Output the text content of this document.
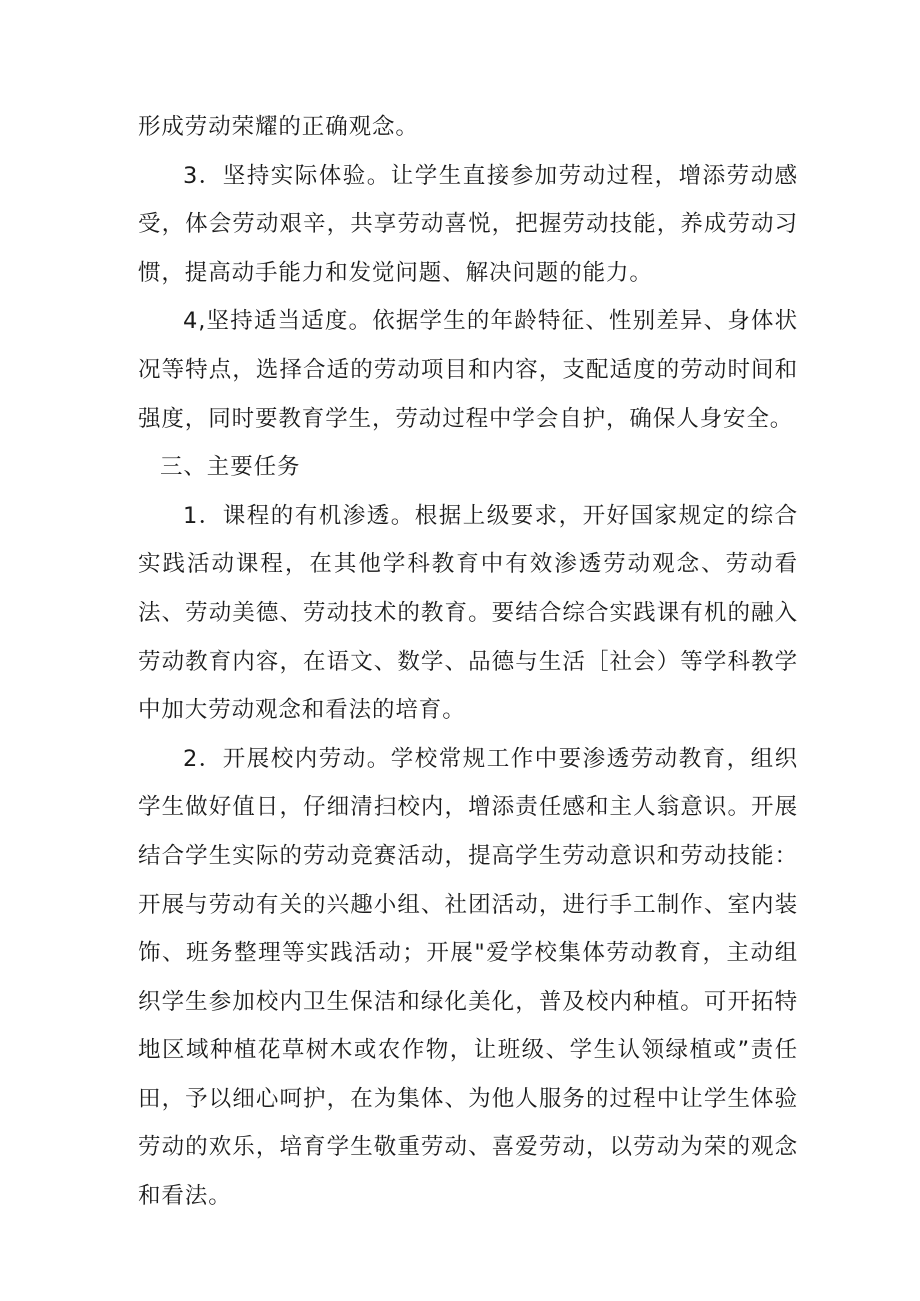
形成劳动荣耀的正确观念。

3．坚持实际体验。让学生直接参加劳动过程，增添劳动感受，体会劳动艰辛，共享劳动喜悦，把握劳动技能，养成劳动习惯，提高动手能力和发觉问题、解决问题的能力。

4,坚持适当适度。依据学生的年龄特征、性别差异、身体状况等特点，选择合适的劳动项目和内容，支配适度的劳动时间和强度，同时要教育学生，劳动过程中学会自护，确保人身安全。

三、主要任务

1．课程的有机渗透。根据上级要求，开好国家规定的综合实践活动课程，在其他学科教育中有效渗透劳动观念、劳动看法、劳动美德、劳动技术的教育。要结合综合实践课有机的融入劳动教育内容，在语文、数学、品德与生活［社会）等学科教学中加大劳动观念和看法的培育。

2．开展校内劳动。学校常规工作中要渗透劳动教育，组织学生做好值日，仔细清扫校内，增添责任感和主人翁意识。开展结合学生实际的劳动竞赛活动，提高学生劳动意识和劳动技能：开展与劳动有关的兴趣小组、社团活动，进行手工制作、室内装饰、班务整理等实践活动；开展"爱学校集体劳动教育，主动组织学生参加校内卫生保洁和绿化美化，普及校内种植。可开拓特地区域种植花草树木或农作物，让班级、学生认领绿植或”责任田，予以细心呵护，在为集体、为他人服务的过程中让学生体验劳动的欢乐，培育学生敬重劳动、喜爱劳动，以劳动为荣的观念和看法。
